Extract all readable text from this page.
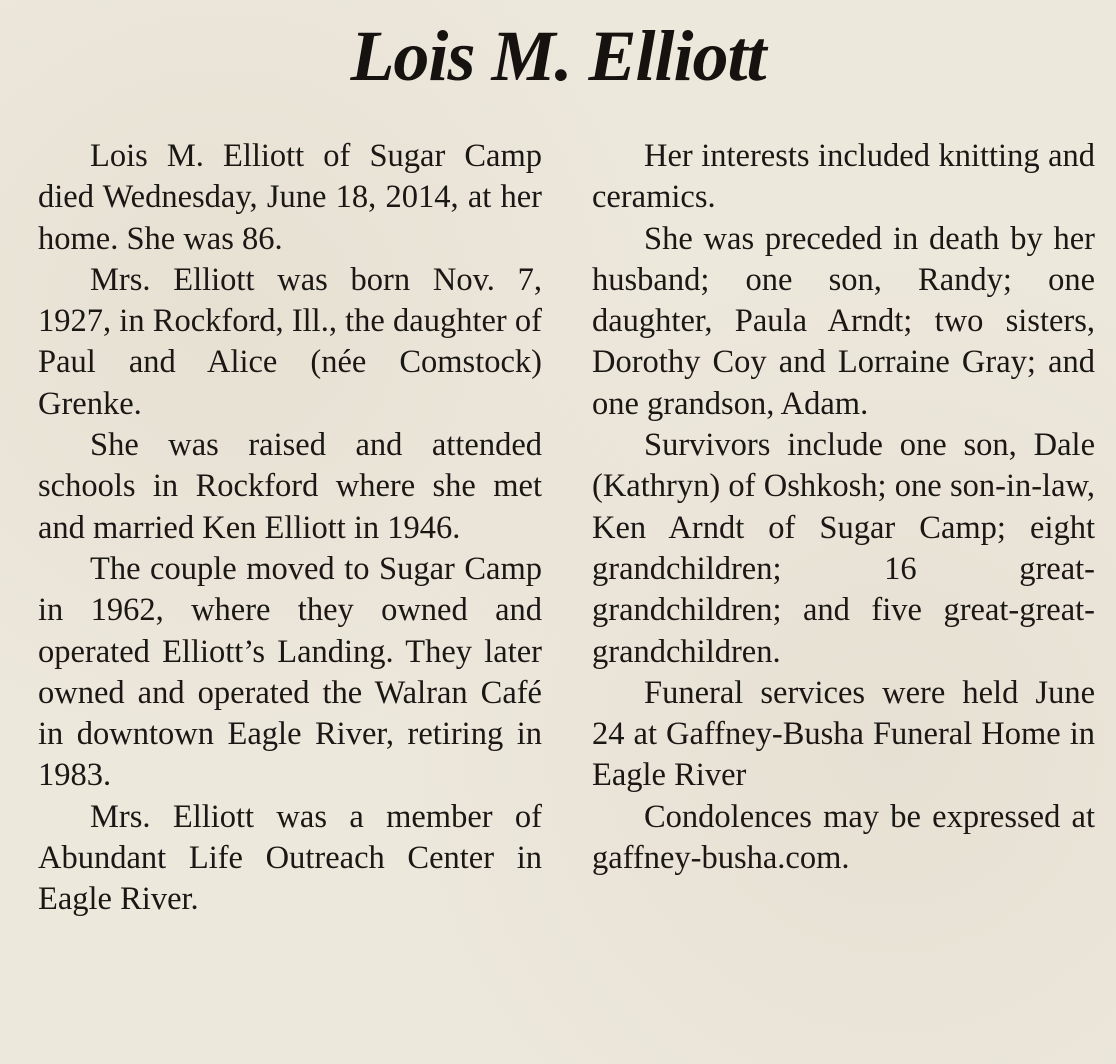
Lois M. Elliott

Lois M. Elliott of Sugar Camp died Wednesday, June 18, 2014, at her home. She was 86.

Mrs. Elliott was born Nov. 7, 1927, in Rockford, Ill., the daughter of Paul and Alice (née Comstock) Grenke.

She was raised and attended schools in Rockford where she met and married Ken Elliott in 1946.

The couple moved to Sugar Camp in 1962, where they owned and operated Elliott’s Landing. They later owned and operated the Walran Café in downtown Eagle River, retiring in 1983.

Mrs. Elliott was a member of Abundant Life Outreach Center in Eagle River.

Her interests included knitting and ceramics.

She was preceded in death by her husband; one son, Randy; one daughter, Paula Arndt; two sisters, Dorothy Coy and Lorraine Gray; and one grandson, Adam.

Survivors include one son, Dale (Kathryn) of Oshkosh; one son-in-law, Ken Arndt of Sugar Camp; eight grandchildren; 16 great-grandchildren; and five great-great-grandchildren.

Funeral services were held June 24 at Gaffney-Busha Funeral Home in Eagle River

Condolences may be expressed at gaffney-busha.com.
